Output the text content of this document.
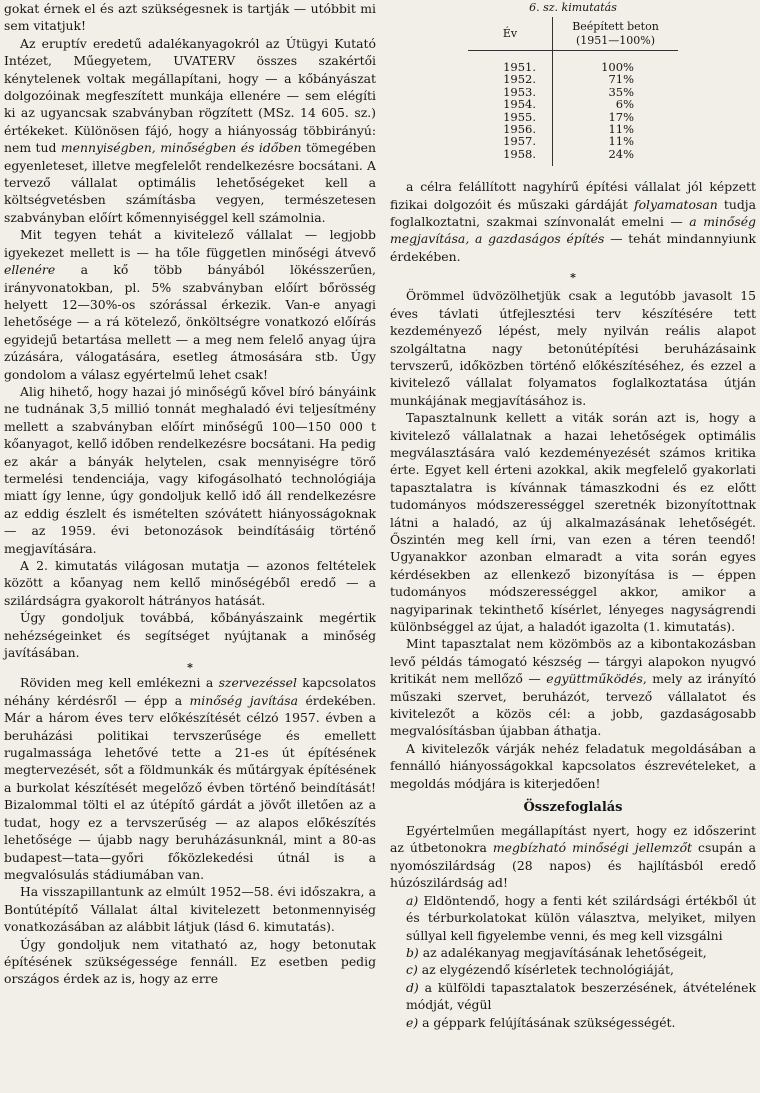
gokat érnek el és azt szükségesnek is tartják — utóbbit mi sem vitatjuk!

Az eruptív eredetű adalékanyagokról az Útügyi Kutató Intézet, Műegyetem, UVATERV összes szakértői kénytelenek voltak megállapítani, hogy — a kőbányászat dolgozóinak megfeszített munkája ellenére — sem elégíti ki az ugyancsak szabványban rögzített (MSz. 14 605. sz.) értékeket. Különösen fájó, hogy a hiányosság többirányú: nem tud mennyiségben, minőségben és időben tömegében egyenleteset, illetve megfelelőt rendelkezésre bocsátani. A tervező vállalat optimális lehetőségeket kell a költségvetésben számításba vegyen, természetesen szabványban előírt kőmennyiséggel kell számolnia.

Mit tegyen tehát a kivitelező vállalat — legjobb igyekezet mellett is — ha tőle független minőségi átvevő ellenére a kő több bányából lökésszerűen, irányvonatokban, pl. 5% szabványban előírt bőrösség helyett 12—30%-os szórással érkezik. Van-e anyagi lehetősége — a rá kötelező, önköltségre vonatkozó előírás egyidejű betartása mellett — a meg nem felelő anyag újra zúzására, válogatására, esetleg átmosására stb. Úgy gondolom a válasz egyértelmű lehet csak!

Alig hihető, hogy hazai jó minőségű kővel bíró bányáink ne tudnának 3,5 millió tonnát meghaladó évi teljesítmény mellett a szabványban előírt minőségű 100—150 000 t kőanyagot, kellő időben rendelkezésre bocsátani. Ha pedig ez akár a bányák helytelen, csak mennyiségre törő termelési tendenciája, vagy kifogásolható technológiája miatt így lenne, úgy gondoljuk kellő idő áll rendelkezésre az eddig észlelt és ismételten szóvátett hiányosságoknak — az 1959. évi betonozások beindításáig történő megjavítására.

A 2. kimutatás világosan mutatja — azonos feltételek között a kőanyag nem kellő minőségéből eredő — a szilárdságra gyakorolt hátrányos hatását.

Úgy gondoljuk továbbá, kőbányászaink megértik nehézségeinket és segítséget nyújtanak a minőség javításában.

*

Röviden meg kell emlékezni a szervezéssel kapcsolatos néhány kérdésről — épp a minőség javítása érdekében. Már a három éves terv előkészítését célzó 1957. évben a beruházási politikai tervszerűsége és emellett rugalmassága lehetővé tette a 21-es út építésének megtervezését, sőt a földmunkák és műtárgyak építésének a burkolat készítését megelőző évben történő beindítását! Bizalommal tölti el az útépítő gárdát a jövőt illetően az a tudat, hogy ez a tervszerűség — az alapos előkészítés lehetősége — újabb nagy beruházásunknál, mint a 80-as budapest—tata—győri főközlekedési útnál is a megvalósulás stádiumában van.

Ha visszapillantunk az elmúlt 1952—58. évi időszakra, a Bontútépítő Vállalat által kivitelezett betonmennyiség vonatkozásában az alábbit látjuk (lásd 6. kimutatás).

Úgy gondoljuk nem vitatható az, hogy betonutak építésének szükségessége fennáll. Ez esetben pedig országos érdek az is, hogy az erre

6. sz. kimutatás
Év	Beépített beton (1951—100%)
1951.	100%
1952.	71%
1953.	35%
1954.	6%
1955.	17%
1956.	11%
1957.	11%
1958.	24%

a célra felállított nagyhírű építési vállalat jól képzett fizikai dolgozóit és műszaki gárdáját folyamatosan tudja foglalkoztatni, szakmai színvonalát emelni — a minőség megjavítása, a gazdaságos építés — tehát mindannyiunk érdekében.

*

Örömmel üdvözölhetjük csak a legutóbb javasolt 15 éves távlati útfejlesztési terv készítésére tett kezdeményező lépést, mely nyilván reális alapot szolgáltatna nagy betonútépítési beruházásaink tervszerű, időközben történő előkészítéséhez, és ezzel a kivitelező vállalat folyamatos foglalkoztatása útján munkájának megjavításához is.

Tapasztalnunk kellett a viták során azt is, hogy a kivitelező vállalatnak a hazai lehetőségek optimális megválasztására való kezdeményezését számos kritika érte. Egyet kell érteni azokkal, akik megfelelő gyakorlati tapasztalatra is kívánnak támaszkodni és ez előtt tudományos módszerességgel szeretnék bizonyítottnak látni a haladó, az új alkalmazásának lehetőségét. Őszintén meg kell írni, van ezen a téren teendő! Ugyanakkor azonban elmaradt a vita során egyes kérdésekben az ellenkező bizonyítása is — éppen tudományos módszerességgel akkor, amikor a nagyiparinak tekinthető kísérlet, lényeges nagyságrendi különbséggel az újat, a haladót igazolta (1. kimutatás).

Mint tapasztalat nem közömbös az a kibontakozásban levő példás támogató készség — tárgyi alapokon nyugvó kritikát nem mellőző — együttműködés, mely az irányító műszaki szervet, beruházót, tervező vállalatot és kivitelezőt a közös cél: a jobb, gazdaságosabb megvalósításban újabban áthatja.

A kivitelezők várják nehéz feladatuk megoldásában a fennálló hiányosságokkal kapcsolatos észrevételeket, a megoldás módjára is kiterjedően!

Összefoglalás

Egyértelműen megállapítást nyert, hogy ez időszerint az útbetonokra megbízható minőségi jellemzőt csupán a nyomószilárdság (28 napos) és hajlításból eredő húzószilárdság ad!

a) Eldöntendő, hogy a fenti két szilárdsági értékből út és térburkolatokat külön választva, melyiket, milyen súllyal kell figyelembe venni, és meg kell vizsgálni

b) az adalékanyag megjavításának lehetőségeit,

c) az elygézendő kísérletek technológiáját,

d) a külföldi tapasztalatok beszerzésének, átvételének módját, végül

e) a géppark felújításának szükségességét.
